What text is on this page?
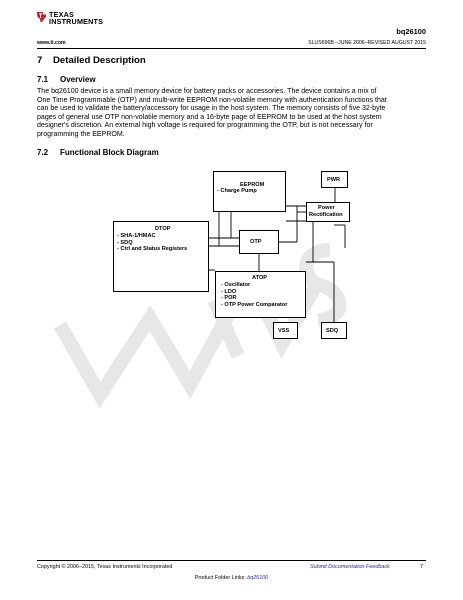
TEXAS
INSTRUMENTS
bq26100
www.ti.com	SLUS696B –JUNE 2006–REVISED AUGUST 2015
7 Detailed Description
7.1 Overview
The bq26100 device is a small memory device for battery packs or accessories. The device contains a mix of
One Time Programmable (OTP) and multi-write EEPROM non-volatile memory with authentication functions that
can be used to validate the battery/accessory for usage in the host system. The memory consists of five 32-byte
pages of general use OTP non-volatile memory and a 16-byte page of EEPROM to be used at the host system
designer's discretion. An external high voltage is required for programming the OTP, but is not necessary for
programming the EEPROM.
7.2 Functional Block Diagram
EEPROM
- Charge Pump
DTOP
- SHA-1/HMAC
- SDQ
- Ctrl and Status Registers
OTP
PWR
Power
Rectification
ATOP
- Oscillator
- LDO
- POR
- OTP Power Comparator
VSS	SDQ
Copyright © 2006–2015, Texas Instruments Incorporated	Submit Documentation Feedback	7
Product Folder Links: bq26100
